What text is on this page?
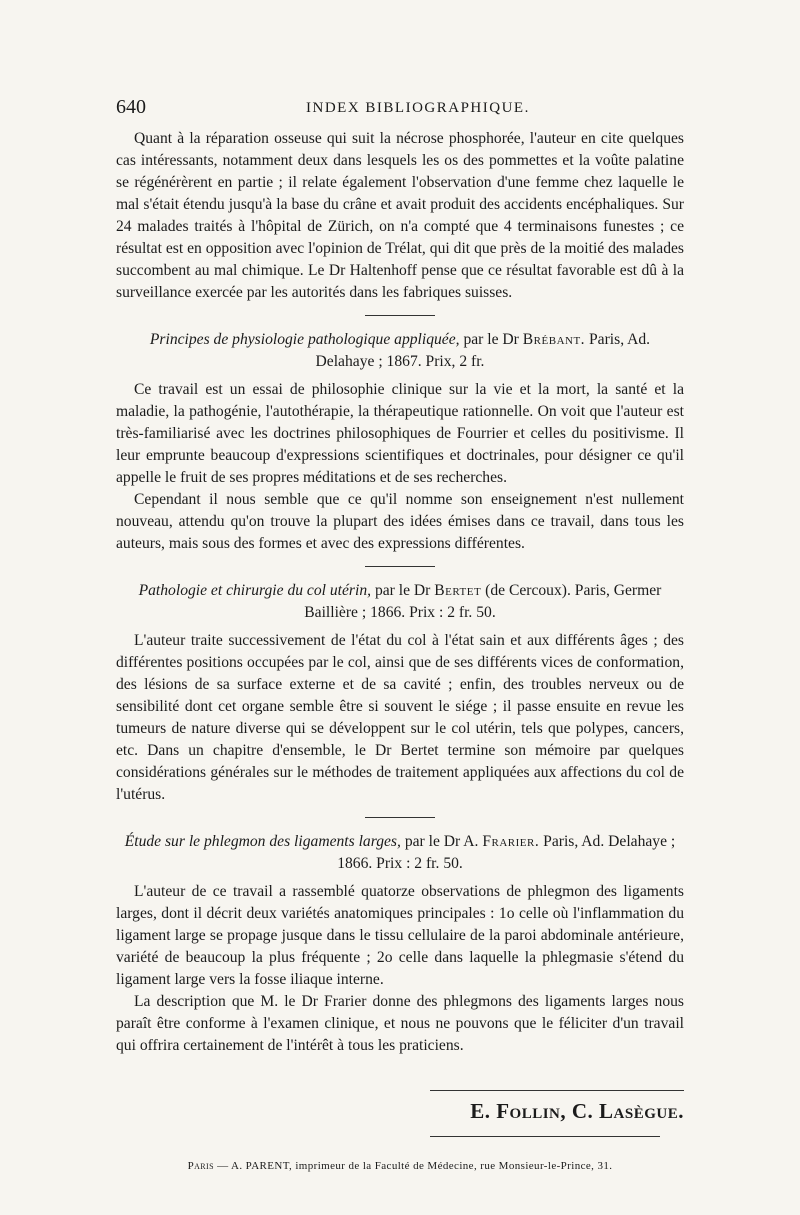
640	INDEX BIBLIOGRAPHIQUE.

Quant à la réparation osseuse qui suit la nécrose phosphorée, l'auteur en cite quelques cas intéressants, notamment deux dans lesquels les os des pommettes et la voûte palatine se régénérèrent en partie ; il relate également l'observation d'une femme chez laquelle le mal s'était étendu jusqu'à la base du crâne et avait produit des accidents encéphaliques. Sur 24 malades traités à l'hôpital de Zürich, on n'a compté que 4 terminaisons funestes ; ce résultat est en opposition avec l'opinion de Trélat, qui dit que près de la moitié des malades succombent au mal chimique. Le Dr Haltenhoff pense que ce résultat favorable est dû à la surveillance exercée par les autorités dans les fabriques suisses.

Principes de physiologie pathologique appliquée, par le Dr Brébant. Paris, Ad. Delahaye ; 1867. Prix, 2 fr.

Ce travail est un essai de philosophie clinique sur la vie et la mort, la santé et la maladie, la pathogénie, l'autothérapie, la thérapeutique rationnelle. On voit que l'auteur est très-familiarisé avec les doctrines philosophiques de Fourrier et celles du positivisme. Il leur emprunte beaucoup d'expressions scientifiques et doctrinales, pour désigner ce qu'il appelle le fruit de ses propres méditations et de ses recherches.

Cependant il nous semble que ce qu'il nomme son enseignement n'est nullement nouveau, attendu qu'on trouve la plupart des idées émises dans ce travail, dans tous les auteurs, mais sous des formes et avec des expressions différentes.

Pathologie et chirurgie du col utérin, par le Dr Bertet (de Cercoux). Paris, Germer Baillière ; 1866. Prix : 2 fr. 50.

L'auteur traite successivement de l'état du col à l'état sain et aux différents âges ; des différentes positions occupées par le col, ainsi que de ses différents vices de conformation, des lésions de sa surface externe et de sa cavité ; enfin, des troubles nerveux ou de sensibilité dont cet organe semble être si souvent le siége ; il passe ensuite en revue les tumeurs de nature diverse qui se développent sur le col utérin, tels que polypes, cancers, etc. Dans un chapitre d'ensemble, le Dr Bertet termine son mémoire par quelques considérations générales sur le méthodes de traitement appliquées aux affections du col de l'utérus.

Étude sur le phlegmon des ligaments larges, par le Dr A. Frarier. Paris, Ad. Delahaye ; 1866. Prix : 2 fr. 50.

L'auteur de ce travail a rassemblé quatorze observations de phlegmon des ligaments larges, dont il décrit deux variétés anatomiques principales : 1o celle où l'inflammation du ligament large se propage jusque dans le tissu cellulaire de la paroi abdominale antérieure, variété de beaucoup la plus fréquente ; 2o celle dans laquelle la phlegmasie s'étend du ligament large vers la fosse iliaque interne.

La description que M. le Dr Frarier donne des phlegmons des ligaments larges nous paraît être conforme à l'examen clinique, et nous ne pouvons que le féliciter d'un travail qui offrira certainement de l'intérêt à tous les praticiens.

E. Follin, C. Lasègue.
Paris — A. PARENT, imprimeur de la Faculté de Médecine, rue Monsieur-le-Prince, 31.
